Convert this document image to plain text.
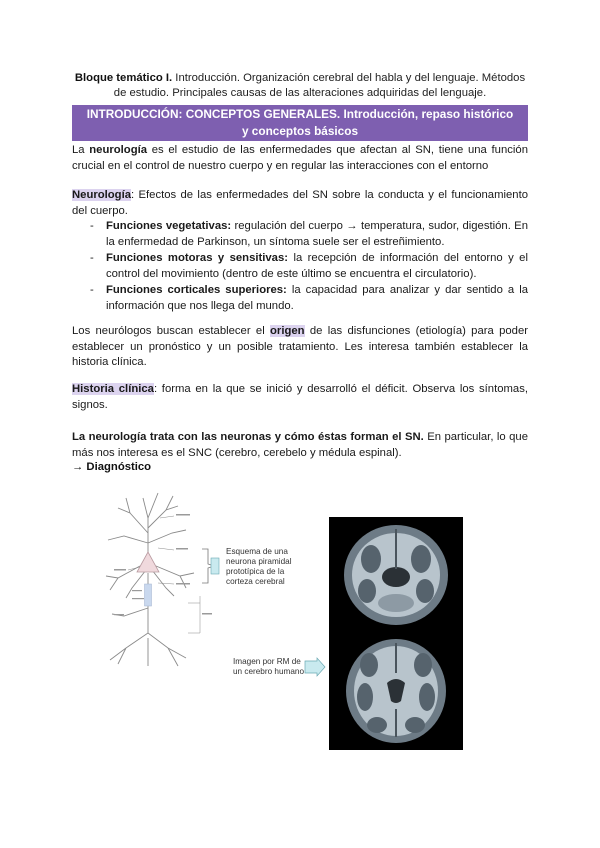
Bloque temático I. Introducción. Organización cerebral del habla y del lenguaje. Métodos de estudio. Principales causas de las alteraciones adquiridas del lenguaje.
INTRODUCCIÓN: CONCEPTOS GENERALES. Introducción, repaso histórico
y conceptos básicos
La neurología es el estudio de las enfermedades que afectan al SN, tiene una función crucial en el control de nuestro cuerpo y en regular las interacciones con el entorno
Neurología: Efectos de las enfermedades del SN sobre la conducta y el funcionamiento del cuerpo.
- Funciones vegetativas: regulación del cuerpo → temperatura, sudor, digestión. En la enfermedad de Parkinson, un síntoma suele ser el estreñimiento.
- Funciones motoras y sensitivas: la recepción de información del entorno y el control del movimiento (dentro de este último se encuentra el circulatorio).
- Funciones corticales superiores: la capacidad para analizar y dar sentido a la información que nos llega del mundo.
Los neurólogos buscan establecer el origen de las disfunciones (etiología) para poder establecer un pronóstico y un posible tratamiento. Les interesa también establecer la historia clínica.
Historia clínica: forma en la que se inició y desarrolló el déficit. Observa los síntomas, signos.
La neurología trata con las neuronas y cómo éstas forman el SN. En particular, lo que más nos interesa es el SNC (cerebro, cerebelo y médula espinal).
→ Diagnóstico
Esquema de una
neurona piramidal
prototípica de la
corteza cerebral
Imagen por RM de
un cerebro humano
